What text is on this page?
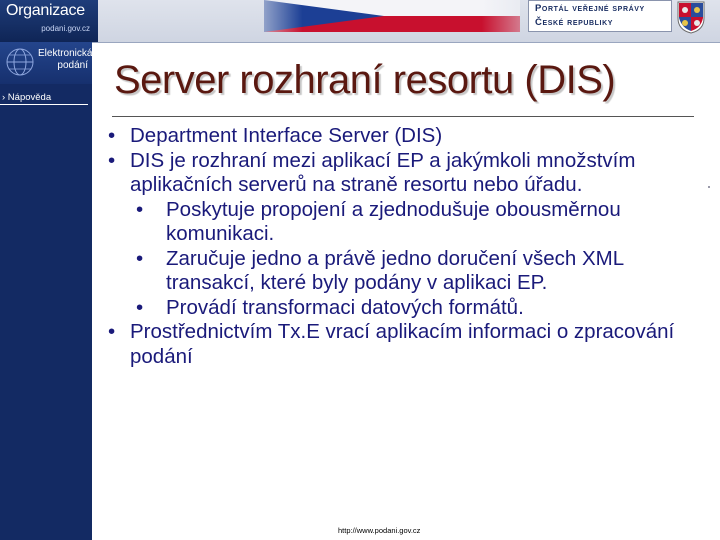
Organizace
podani.gov.cz
Portál veřejné správy
České republiky
Elektronická
podání
› Nápověda Server rozhraní resortu (DIS)
• Department Interface Server (DIS)
• DIS je rozhraní mezi aplikací EP a jakýmkoli množstvím aplikačních serverů na straně resortu nebo úřadu.
• Poskytuje propojení a zjednodušuje obousměrnou komunikaci.
• Zaručuje jedno a právě jedno doručení všech XML transakcí, které byly podány v aplikaci EP.
• Provádí transformaci datových formátů.
• Prostřednictvím Tx.E vrací aplikacím informaci o zpracování podání
http://www.podani.gov.cz
